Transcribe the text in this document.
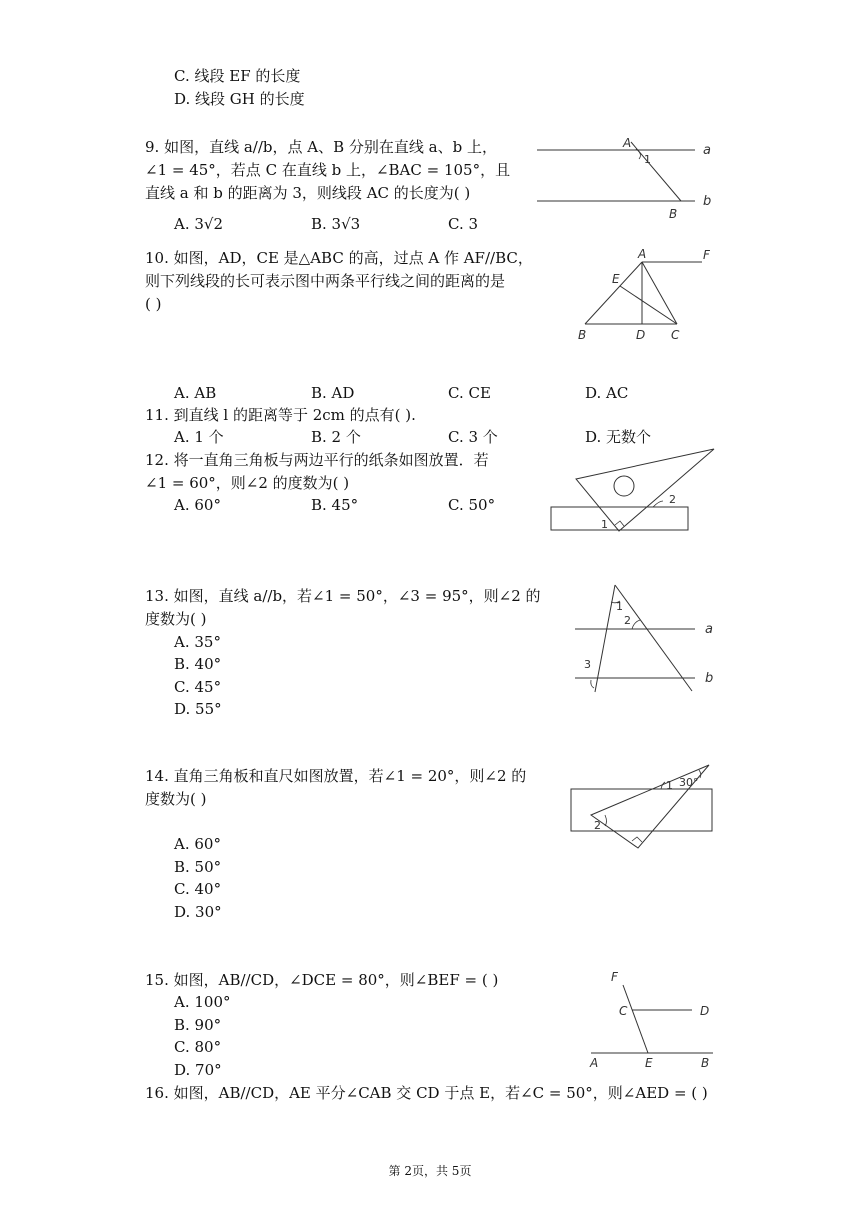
C. 线段 EF 的长度
D. 线段 GH 的长度
9. 如图，直线 a//b，点 A、B 分别在直线 a、b 上，
∠1 = 45°，若点 C 在直线 b 上，∠BAC = 105°，且
直线 a 和 b 的距离为 3，则线段 AC 的长度为( )
A. 3√2	B. 3√3	C. 3
A
1
a
b
B
10. 如图，AD，CE 是△ABC 的高，过点 A 作 AF//BC，
则下列线段的长可表示图中两条平行线之间的距离的是
( )
A	F
E
B	D C
A. AB	B. AD	C. CE	D. AC
11. 到直线 l 的距离等于 2cm 的点有( ).
A. 1 个	B. 2 个	C. 3 个	D. 无数个
12. 将一直角三角板与两边平行的纸条如图放置．若
∠1 = 60°，则∠2 的度数为( )
A. 60°	B. 45°	C. 50°	2
1
13. 如图，直线 a//b，若∠1 = 50°，∠3 = 95°，则∠2 的
度数为( )
A. 35°
B. 40°
C. 45°
D. 55°
1
2
3
a
b
14. 直角三角板和直尺如图放置，若∠1 = 20°，则∠2 的
度数为( )
A. 60°
B. 50°
C. 40°
D. 30°
1 30°
2
15. 如图，AB//CD，∠DCE = 80°，则∠BEF = ( )
A. 100°
B. 90°
C. 80°
D. 70°
F
C	D
A	E	B
16. 如图，AB//CD，AE 平分∠CAB 交 CD 于点 E，若∠C = 50°，则∠AED = ( )
第 2页，共 5页
